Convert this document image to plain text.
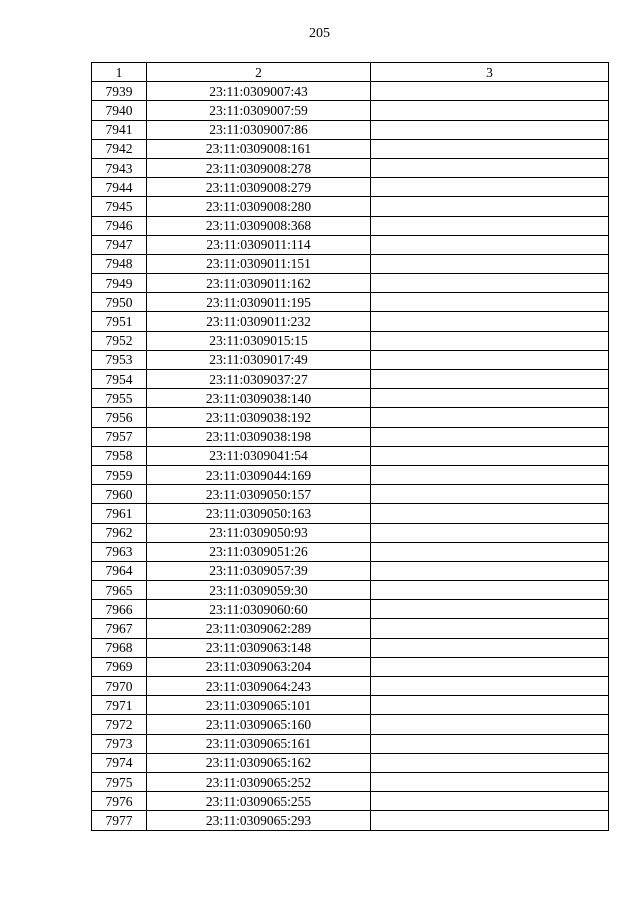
205
1	2	3
7939	23:11:0309007:43	
7940	23:11:0309007:59	
7941	23:11:0309007:86	
7942	23:11:0309008:161	
7943	23:11:0309008:278	
7944	23:11:0309008:279	
7945	23:11:0309008:280	
7946	23:11:0309008:368	
7947	23:11:0309011:114	
7948	23:11:0309011:151	
7949	23:11:0309011:162	
7950	23:11:0309011:195	
7951	23:11:0309011:232	
7952	23:11:0309015:15	
7953	23:11:0309017:49	
7954	23:11:0309037:27	
7955	23:11:0309038:140	
7956	23:11:0309038:192	
7957	23:11:0309038:198	
7958	23:11:0309041:54	
7959	23:11:0309044:169	
7960	23:11:0309050:157	
7961	23:11:0309050:163	
7962	23:11:0309050:93	
7963	23:11:0309051:26	
7964	23:11:0309057:39	
7965	23:11:0309059:30	
7966	23:11:0309060:60	
7967	23:11:0309062:289	
7968	23:11:0309063:148	
7969	23:11:0309063:204	
7970	23:11:0309064:243	
7971	23:11:0309065:101	
7972	23:11:0309065:160	
7973	23:11:0309065:161	
7974	23:11:0309065:162	
7975	23:11:0309065:252	
7976	23:11:0309065:255	
7977	23:11:0309065:293	
